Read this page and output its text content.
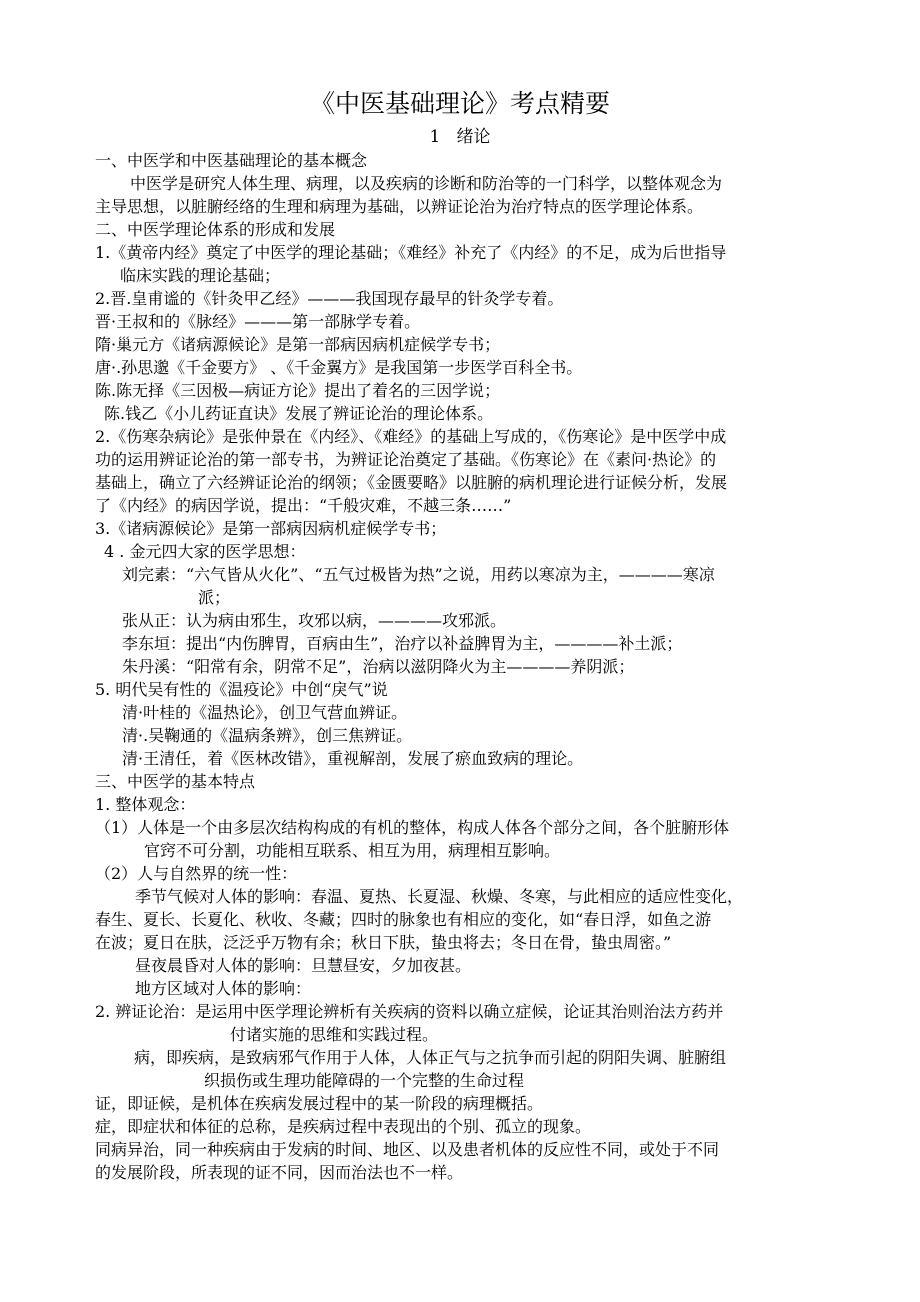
《中医基础理论》考点精要
1   绪论
一、中医学和中医基础理论的基本概念
中医学是研究人体生理、病理，以及疾病的诊断和防治等的一门科学，以整体观念为
主导思想，以脏腑经络的生理和病理为基础，以辨证论治为治疗特点的医学理论体系。
二、中医学理论体系的形成和发展
1.《黄帝内经》奠定了中医学的理论基础；《难经》补充了《内经》的不足，成为后世指导
临床实践的理论基础；
2.晋.皇甫谧的《针灸甲乙经》———我国现存最早的针灸学专着。
晋·王叔和的《脉经》———第一部脉学专着。
隋·巢元方《诸病源候论》是第一部病因病机症候学专书；
唐·.孙思邈《千金要方》 、《千金翼方》是我国第一步医学百科全书。
陈.陈无择《三因极—病证方论》提出了着名的三因学说；
陈.钱乙《小儿药证直诀》发展了辨证论治的理论体系。
2.《伤寒杂病论》是张仲景在《内经》、《难经》的基础上写成的，《伤寒论》是中医学中成
功的运用辨证论治的第一部专书，为辨证论治奠定了基础。《伤寒论》在《素问·热论》的
基础上，确立了六经辨证论治的纲领；《金匮要略》以脏腑的病机理论进行证候分析，发展
了《内经》的病因学说，提出：“千般灾难，不越三条……”
3.《诸病源候论》是第一部病因病机症候学专书；
4 . 金元四大家的医学思想：
刘完素：“六气皆从火化”、“五气过极皆为热”之说，用药以寒凉为主，————寒凉
派；
张从正：认为病由邪生，攻邪以病，————攻邪派。
李东垣：提出“内伤脾胃，百病由生”，治疗以补益脾胃为主，————补土派；
朱丹溪：“阳常有余，阴常不足”，治病以滋阴降火为主————养阴派；
5. 明代吴有性的《温疫论》中创“戾气”说
清·叶桂的《温热论》，创卫气营血辨证。
清·.吴鞠通的《温病条辨》，创三焦辨证。
清·王清任，着《医林改错》，重视解剖，发展了瘀血致病的理论。
三、中医学的基本特点
1. 整体观念：
（1）人体是一个由多层次结构构成的有机的整体，构成人体各个部分之间，各个脏腑形体
官窍不可分割，功能相互联系、相互为用，病理相互影响。
（2）人与自然界的统一性：
季节气候对人体的影响：春温、夏热、长夏湿、秋燥、冬寒，与此相应的适应性变化，
春生、夏长、长夏化、秋收、冬藏；四时的脉象也有相应的变化，如“春日浮，如鱼之游
在波；夏日在肤，泛泛乎万物有余；秋日下肤，蛰虫将去；冬日在骨，蛰虫周密。”
昼夜晨昏对人体的影响：旦慧昼安，夕加夜甚。
地方区域对人体的影响：
2. 辨证论治：是运用中医学理论辨析有关疾病的资料以确立症候，论证其治则治法方药并
付诸实施的思维和实践过程。
病，即疾病，是致病邪气作用于人体，人体正气与之抗争而引起的阴阳失调、脏腑组
织损伤或生理功能障碍的一个完整的生命过程
证，即证候，是机体在疾病发展过程中的某一阶段的病理概括。
症，即症状和体征的总称，是疾病过程中表现出的个别、孤立的现象。
同病异治，同一种疾病由于发病的时间、地区、以及患者机体的反应性不同，或处于不同
的发展阶段，所表现的证不同，因而治法也不一样。
